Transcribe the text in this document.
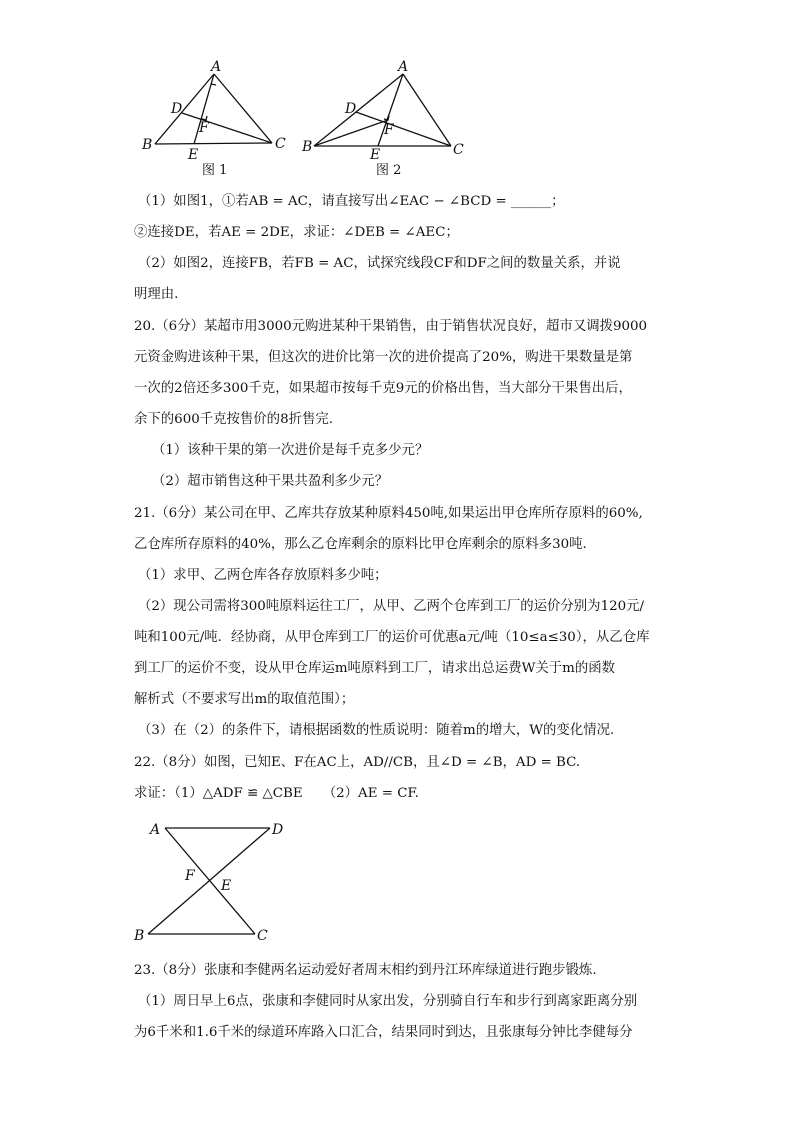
A
D
F
B
E
C
图 1
A
D
F
B	E	C
图 2
（1）如图1，①若AB = AC，请直接写出∠EAC − ∠BCD = ______；
②连接DE，若AE = 2DE，求证：∠DEB = ∠AEC；
（2）如图2，连接FB，若FB = AC，试探究线段CF和DF之间的数量关系，并说
明理由.
20.（6分）某超市用3000元购进某种干果销售，由于销售状况良好，超市又调拨9000
元资金购进该种干果，但这次的进价比第一次的进价提高了20%，购进干果数量是第
一次的2倍还多300千克，如果超市按每千克9元的价格出售，当大部分干果售出后，
余下的600千克按售价的8折售完.
（1）该种干果的第一次进价是每千克多少元？
（2）超市销售这种干果共盈利多少元？
21.（6分）某公司在甲、乙库共存放某种原料450吨,如果运出甲仓库所存原料的60%,
乙仓库所存原料的40%，那么乙仓库剩余的原料比甲仓库剩余的原料多30吨.
（1）求甲、乙两仓库各存放原料多少吨；
（2）现公司需将300吨原料运往工厂，从甲、乙两个仓库到工厂的运价分别为120元/
吨和100元/吨．经协商，从甲仓库到工厂的运价可优惠a元/吨（10≤a≤30），从乙仓库
到工厂的运价不变，设从甲仓库运m吨原料到工厂，请求出总运费W关于m的函数
解析式（不要求写出m的取值范围）；
（3）在（2）的条件下，请根据函数的性质说明：随着m的增大，W的变化情况.
22.（8分）如图，已知E、F在AC上，AD//CB，且∠D = ∠B，AD = BC.
求证：（1）△ADF ≌ △CBE　　（2）AE = CF.
A	D
F
E
B	C
23.（8分）张康和李健两名运动爱好者周末相约到丹江环库绿道进行跑步锻炼.
（1）周日早上6点，张康和李健同时从家出发，分别骑自行车和步行到离家距离分别
为6千米和1.6千米的绿道环库路入口汇合，结果同时到达，且张康每分钟比李健每分
